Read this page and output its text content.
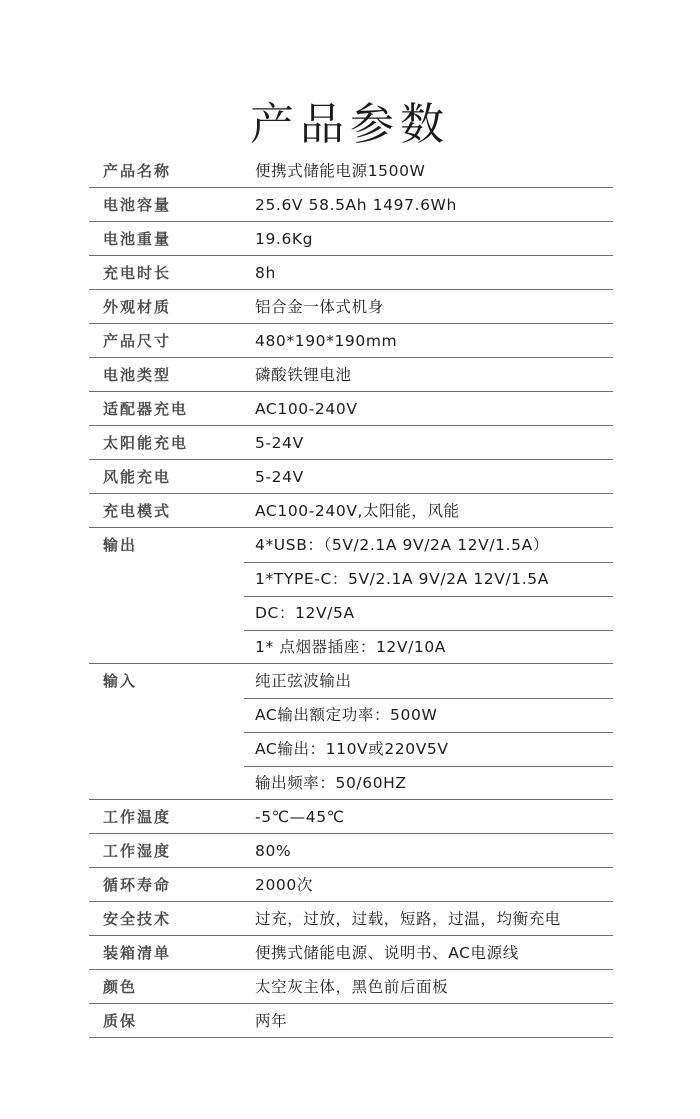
产品参数
产品名称	便携式储能电源1500W
电池容量	25.6V 58.5Ah 1497.6Wh
电池重量	19.6Kg
充电时长	8h
外观材质	铝合金一体式机身
产品尺寸	480*190*190mm
电池类型	磷酸铁锂电池
适配器充电	AC100-240V
太阳能充电	5-24V
风能充电	5-24V
充电模式	AC100-240V,太阳能，风能
输出	4*USB：（5V/2.1A 9V/2A 12V/1.5A）
1*TYPE-C：5V/2.1A 9V/2A 12V/1.5A
DC：12V/5A
1* 点烟器插座：12V/10A
输入	纯正弦波输出
AC输出额定功率：500W
AC输出：110V或220V5V
输出频率：50/60HZ
工作温度	-5℃—45℃
工作湿度	80%
循环寿命	2000次
安全技术	过充，过放，过载，短路，过温，均衡充电
装箱清单	便携式储能电源、说明书、AC电源线
颜色	太空灰主体，黑色前后面板
质保	两年
